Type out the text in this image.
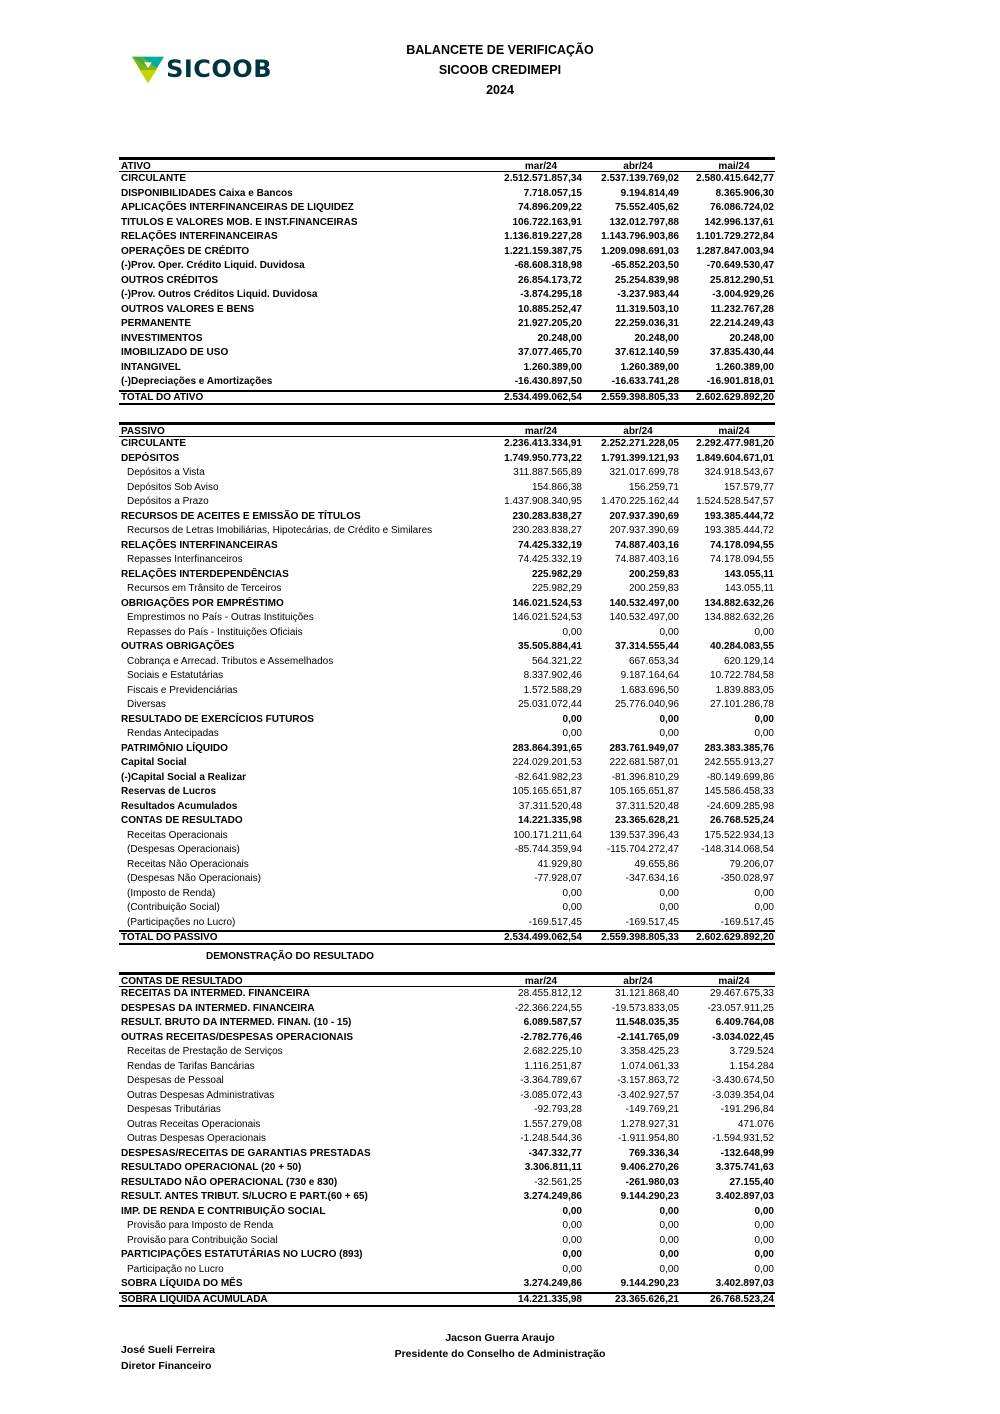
SICOOB
BALANCETE DE VERIFICAÇÃO
SICOOB CREDIMEPI
2024
ATIVO	mar/24	abr/24	mai/24
CIRCULANTE	2.512.571.857,34	2.537.139.769,02	2.580.415.642,77
DISPONIBILIDADES Caixa e Bancos	7.718.057,15	9.194.814,49	8.365.906,30
APLICAÇÕES INTERFINANCEIRAS DE LIQUIDEZ	74.896.209,22	75.552.405,62	76.086.724,02
TITULOS E VALORES MOB. E INST.FINANCEIRAS	106.722.163,91	132.012.797,88	142.996.137,61
RELAÇÕES INTERFINANCEIRAS	1.136.819.227,28	1.143.796.903,86	1.101.729.272,84
OPERAÇÕES DE CRÉDITO	1.221.159.387,75	1.209.098.691,03	1.287.847.003,94
(-)Prov. Oper. Crédito Liquid. Duvidosa	-68.608.318,98	-65.852.203,50	-70.649.530,47
OUTROS CRÉDITOS	26.854.173,72	25.254.839,98	25.812.290,51
(-)Prov. Outros Créditos Liquid. Duvidosa	-3.874.295,18	-3.237.983,44	-3.004.929,26
OUTROS VALORES E BENS	10.885.252,47	11.319.503,10	11.232.767,28
PERMANENTE	21.927.205,20	22.259.036,31	22.214.249,43
INVESTIMENTOS	20.248,00	20.248,00	20.248,00
IMOBILIZADO DE USO	37.077.465,70	37.612.140,59	37.835.430,44
INTANGIVEL	1.260.389,00	1.260.389,00	1.260.389,00
(-)Depreciações e Amortizações	-16.430.897,50	-16.633.741,28	-16.901.818,01
TOTAL DO ATIVO	2.534.499.062,54	2.559.398.805,33	2.602.629.892,20
PASSIVO	mar/24	abr/24	mai/24
CIRCULANTE	2.236.413.334,91	2.252.271.228,05	2.292.477.981,20
DEPÓSITOS	1.749.950.773,22	1.791.399.121,93	1.849.604.671,01
Depósitos a Vista	311.887.565,89	321.017.699,78	324.918.543,67
Depósitos Sob Aviso	154.866,38	156.259,71	157.579,77
Depósitos a Prazo	1.437.908.340,95	1.470.225.162,44	1.524.528.547,57
RECURSOS DE ACEITES E EMISSÃO DE TÍTULOS	230.283.838,27	207.937.390,69	193.385.444,72
Recursos de Letras Imobiliárias, Hipotecárias, de Crédito e Similares	230.283.838,27	207.937.390,69	193.385.444,72
RELAÇÕES INTERFINANCEIRAS	74.425.332,19	74.887.403,16	74.178.094,55
Repasses Interfinanceiros	74.425.332,19	74.887.403,16	74.178.094,55
RELAÇÕES INTERDEPENDÊNCIAS	225.982,29	200.259,83	143.055,11
Recursos em Trânsito de Terceiros	225.982,29	200.259,83	143.055,11
OBRIGAÇÕES POR EMPRÉSTIMO	146.021.524,53	140.532.497,00	134.882.632,26
Emprestimos no País - Outras Instituições	146.021.524,53	140.532.497,00	134.882.632,26
Repasses do País - Instituições Oficiais	0,00	0,00	0,00
OUTRAS OBRIGAÇÕES	35.505.884,41	37.314.555,44	40.284.083,55
Cobrança e Arrecad. Tributos e Assemelhados	564.321,22	667.653,34	620.129,14
Sociais e Estatutárias	8.337.902,46	9.187.164,64	10.722.784,58
Fiscais e Previdenciárias	1.572.588,29	1.683.696,50	1.839.883,05
Diversas	25.031.072,44	25.776.040,96	27.101.286,78
RESULTADO DE EXERCÍCIOS FUTUROS	0,00	0,00	0,00
Rendas Antecipadas	0,00	0,00	0,00
PATRIMÔNIO LÍQUIDO	283.864.391,65	283.761.949,07	283.383.385,76
Capital Social	224.029.201,53	222.681.587,01	242.555.913,27
(-)Capital Social a Realizar	-82.641.982,23	-81.396.810,29	-80.149.699,86
Reservas de Lucros	105.165.651,87	105.165.651,87	145.586.458,33
Resultados Acumulados	37.311.520,48	37.311.520,48	-24.609.285,98
CONTAS DE RESULTADO	14.221.335,98	23.365.628,21	26.768.525,24
Receitas Operacionais	100.171.211,64	139.537.396,43	175.522.934,13
(Despesas Operacionais)	-85.744.359,94	-115.704.272,47	-148.314.068,54
Receitas Não Operacionais	41.929,80	49.655,86	79.206,07
(Despesas Não Operacionais)	-77.928,07	-347.634,16	-350.028,97
(Imposto de Renda)	0,00	0,00	0,00
(Contribuição Social)	0,00	0,00	0,00
(Participações no Lucro)	-169.517,45	-169.517,45	-169.517,45
TOTAL DO PASSIVO	2.534.499.062,54	2.559.398.805,33	2.602.629.892,20
DEMONSTRAÇÃO DO RESULTADO
CONTAS DE RESULTADO	mar/24	abr/24	mai/24
RECEITAS DA INTERMED. FINANCEIRA	28.455.812,12	31.121.868,40	29.467.675,33
DESPESAS DA INTERMED. FINANCEIRA	-22.366.224,55	-19.573.833,05	-23.057.911,25
RESULT. BRUTO DA INTERMED. FINAN. (10 - 15)	6.089.587,57	11.548.035,35	6.409.764,08
OUTRAS RECEITAS/DESPESAS OPERACIONAIS	-2.782.776,46	-2.141.765,09	-3.034.022,45
Receitas de Prestação de Serviços	2.682.225,10	3.358.425,23	3.729.524
Rendas de Tarifas Bancárias	1.116.251,87	1.074.061,33	1.154.284
Despesas de Pessoal	-3.364.789,67	-3.157.863,72	-3.430.674,50
Outras Despesas Administrativas	-3.085.072,43	-3.402.927,57	-3.039.354,04
Despesas Tributárias	-92.793,28	-149.769,21	-191.296,84
Outras Receitas Operacionais	1.557.279,08	1.278.927,31	471.076
Outras Despesas Operacionais	-1.248.544,36	-1.911.954,80	-1.594.931,52
DESPESAS/RECEITAS DE GARANTIAS PRESTADAS	-347.332,77	769.336,34	-132.648,99
RESULTADO OPERACIONAL (20 + 50)	3.306.811,11	9.406.270,26	3.375.741,63
RESULTADO NÃO OPERACIONAL (730 e 830)	-32.561,25	-261.980,03	27.155,40
RESULT. ANTES TRIBUT. S/LUCRO E PART.(60 + 65)	3.274.249,86	9.144.290,23	3.402.897,03
IMP. DE RENDA E CONTRIBUIÇÃO SOCIAL	0,00	0,00	0,00
Provisão para Imposto de Renda	0,00	0,00	0,00
Provisão para Contribuição Social	0,00	0,00	0,00
PARTICIPAÇÕES ESTATUTÁRIAS NO LUCRO (893)	0,00	0,00	0,00
Participação no Lucro	0,00	0,00	0,00
SOBRA LÍQUIDA DO MÊS	3.274.249,86	9.144.290,23	3.402.897,03
SOBRA LIQUIDA ACUMULADA	14.221.335,98	23.365.626,21	26.768.523,24
José Sueli Ferreira
Diretor Financeiro
Jacson Guerra Araujo
Presidente do Conselho de Administração
